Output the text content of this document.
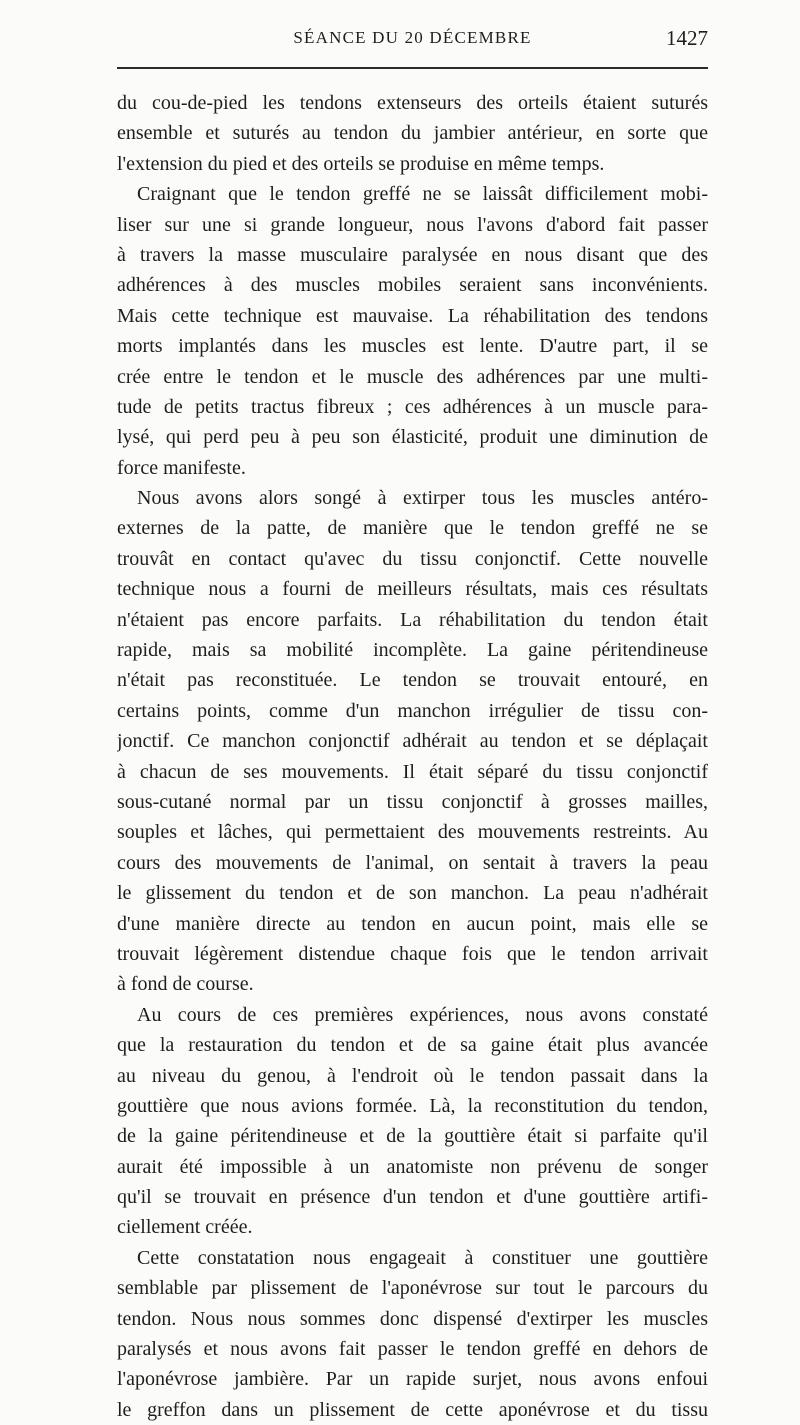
SÉANCE DU 20 DÉCEMBRE	1427
du cou-de-pied les tendons extenseurs des orteils étaient suturés
ensemble et suturés au tendon du jambier antérieur, en sorte que
l'extension du pied et des orteils se produise en même temps.
Craignant que le tendon greffé ne se laissât difficilement mobi-
liser sur une si grande longueur, nous l'avons d'abord fait passer
à travers la masse musculaire paralysée en nous disant que des
adhérences à des muscles mobiles seraient sans inconvénients.
Mais cette technique est mauvaise. La réhabilitation des tendons
morts implantés dans les muscles est lente. D'autre part, il se
crée entre le tendon et le muscle des adhérences par une multi-
tude de petits tractus fibreux ; ces adhérences à un muscle para-
lysé, qui perd peu à peu son élasticité, produit une diminution de
force manifeste.
Nous avons alors songé à extirper tous les muscles antéro-
externes de la patte, de manière que le tendon greffé ne se
trouvât en contact qu'avec du tissu conjonctif. Cette nouvelle
technique nous a fourni de meilleurs résultats, mais ces résultats
n'étaient pas encore parfaits. La réhabilitation du tendon était
rapide, mais sa mobilité incomplète. La gaine péritendineuse
n'était pas reconstituée. Le tendon se trouvait entouré, en
certains points, comme d'un manchon irrégulier de tissu con-
jonctif. Ce manchon conjonctif adhérait au tendon et se déplaçait
à chacun de ses mouvements. Il était séparé du tissu conjonctif
sous-cutané normal par un tissu conjonctif à grosses mailles,
souples et lâches, qui permettaient des mouvements restreints. Au
cours des mouvements de l'animal, on sentait à travers la peau
le glissement du tendon et de son manchon. La peau n'adhérait
d'une manière directe au tendon en aucun point, mais elle se
trouvait légèrement distendue chaque fois que le tendon arrivait
à fond de course.
Au cours de ces premières expériences, nous avons constaté
que la restauration du tendon et de sa gaine était plus avancée
au niveau du genou, à l'endroit où le tendon passait dans la
gouttière que nous avions formée. Là, la reconstitution du tendon,
de la gaine péritendineuse et de la gouttière était si parfaite qu'il
aurait été impossible à un anatomiste non prévenu de songer
qu'il se trouvait en présence d'un tendon et d'une gouttière artifi-
ciellement créée.
Cette constatation nous engageait à constituer une gouttière
semblable par plissement de l'aponévrose sur tout le parcours du
tendon. Nous nous sommes donc dispensé d'extirper les muscles
paralysés et nous avons fait passer le tendon greffé en dehors de
l'aponévrose jambière. Par un rapide surjet, nous avons enfoui
le greffon dans un plissement de cette aponévrose et du tissu
